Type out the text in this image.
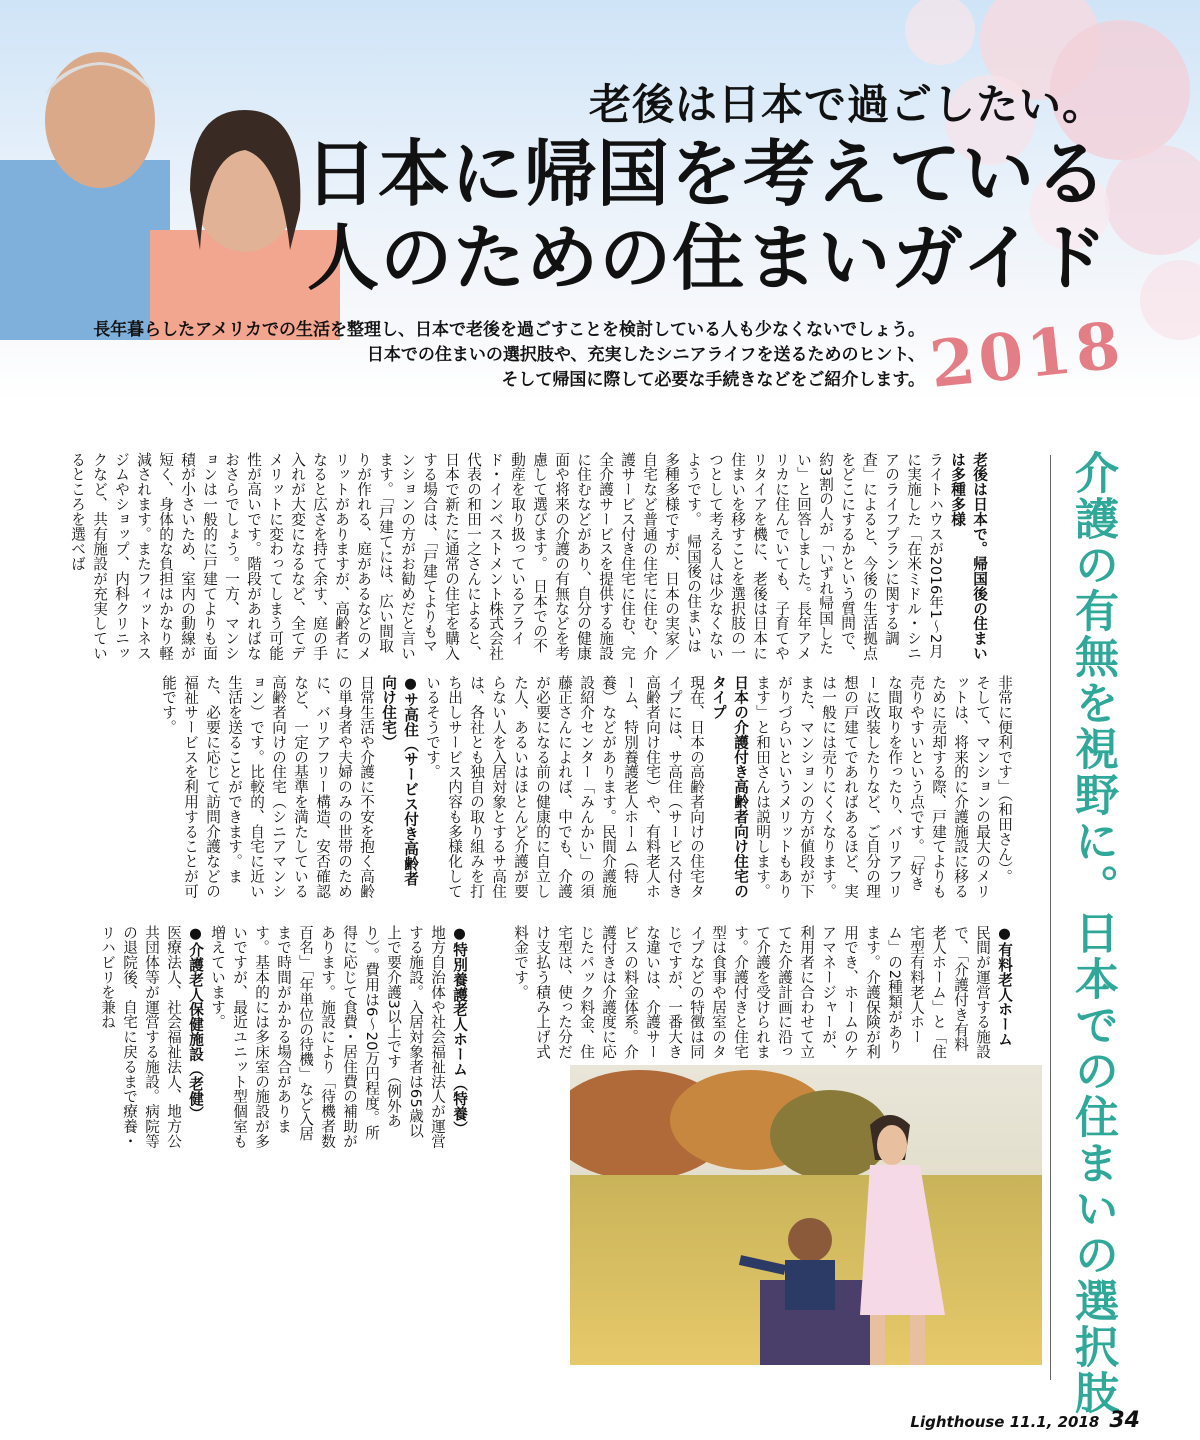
老後は日本で過ごしたい。
日本に帰国を考えている
人のための住まいガイド
2018
長年暮らしたアメリカでの生活を整理し、日本で老後を過ごすことを検討している人も少なくないでしょう。
日本での住まいの選択肢や、充実したシニアライフを送るためのヒント、
そして帰国に際して必要な手続きなどをご紹介します。
介護の有無を視野に。日本での住まいの選択肢

老後は日本で。帰国後の住まいは多種多様

ライトハウスが2016年1〜2月に実施した「在米ミドル・シニアのライフプランに関する調査」によると、今後の生活拠点をどこにするかという質問で、約3割の人が「いずれ帰国したい」と回答しました。長年アメリカに住んでいても、子育てやリタイアを機に、老後は日本に住まいを移すことを選択肢の一つとして考える人は少なくないようです。　帰国後の住まいは多種多様ですが、日本の実家／自宅など普通の住宅に住む、介護サービス付き住宅に住む、完全介護サービスを提供する施設に住むなどがあり、自分の健康面や将来の介護の有無などを考慮して選びます。　日本での不動産を取り扱っているアライド・インベストメント株式会社代表の和田一之さんによると、日本で新たに通常の住宅を購入する場合は、「戸建てよりもマンションの方がお勧めだと言います。「戸建てには、広い間取りが作れる、庭があるなどのメリットがありますが、高齢者になると広さを持て余す、庭の手入れが大変になるなど、全てデメリットに変わってしまう可能性が高いです。階段があればなおさらでしょう。一方、マンションは一般的に戸建てよりも面積が小さいため、室内の動線が短く、身体的な負担はかなり軽減されます。またフィットネスジムやショップ、内科クリニックなど、共有施設が充実しているところを選べば

非常に便利です」（和田さん）。　そして、マンションの最大のメリットは、将来的に介護施設に移るために売却する際、戸建てよりも売りやすいという点です。「好きな間取りを作ったり、バリアフリーに改装したりなど、ご自分の理想の戸建てであればあるほど、実は一般には売りにくくなります。また、マンションの方が値段が下がりづらいというメリットもあります」と和田さんは説明します。

日本の介護付き高齢者向け住宅のタイプ

現在、日本の高齢者向けの住宅タイプには、サ高住（サービス付き高齢者向け住宅）や、有料老人ホーム、特別養護老人ホーム（特養）などがあります。民間介護施設紹介センター「みんかい」の須藤正さんによれば、中でも、介護が必要になる前の健康的に自立した人、あるいはほとんど介護が要らない人を入居対象とするサ高住は、各社とも独自の取り組みを打ち出しサービス内容も多様化しているそうです。

●サ高住（サービス付き高齢者向け住宅）

日常生活や介護に不安を抱く高齢の単身者や夫婦のみの世帯のために、バリアフリー構造、安否確認など、一定の基準を満たしている高齢者向けの住宅（シニアマンション）です。比較的、自宅に近い生活を送ることができます。また、必要に応じて訪問介護などの福祉サービスを利用することが可能です。

●有料老人ホーム

民間が運営する施設で、「介護付き有料老人ホーム」と「住宅型有料老人ホーム」の2種類があります。介護保険が利用でき、ホームのケアマネージャーが、利用者に合わせて立てた介護計画に沿って介護を受けられます。介護付きと住宅型は食事や居室のタイプなどの特徴は同じですが、一番大きな違いは、介護サービスの料金体系。介護付きは介護度に応じたパック料金、住宅型は、使った分だけ支払う積み上げ式料金です。

●特別養護老人ホーム（特養）

地方自治体や社会福祉法人が運営する施設。入居対象者は65歳以上で要介護3以上です（例外あり）。費用は6〜20万円程度。所得に応じて食費・居住費の補助があります。施設により「待機者数百名」「年単位の待機」など入居まで時間がかかる場合があります。基本的には多床室の施設が多いですが、最近ユニット型個室も増えています。

●介護老人保健施設（老健）

医療法人、社会福祉法人、地方公共団体等が運営する施設。病院等の退院後、自宅に戻るまで療養・リハビリを兼ね

Lighthouse 11.1, 2018 34
